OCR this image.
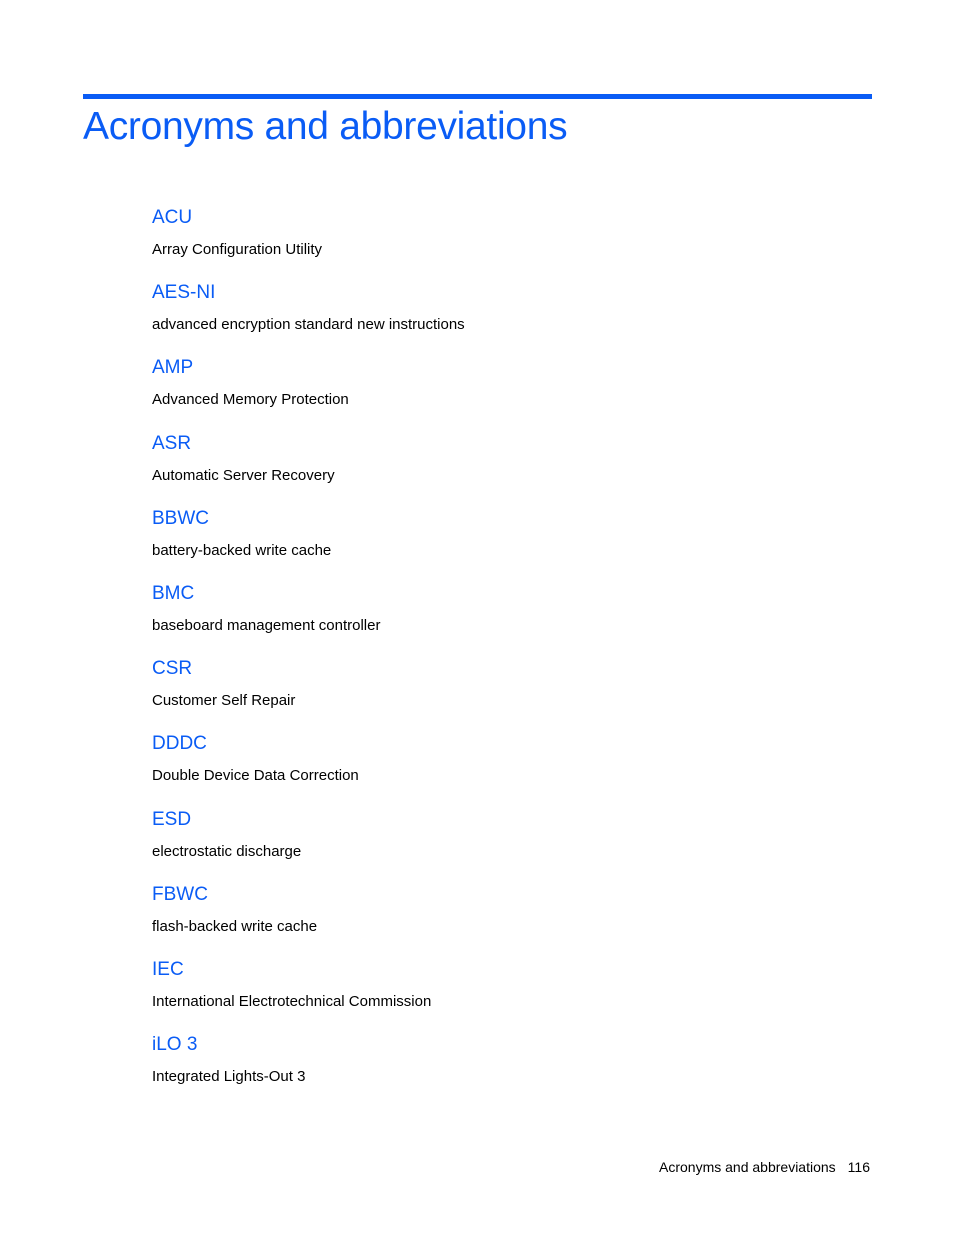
Acronyms and abbreviations
ACU

Array Configuration Utility

AES-NI

advanced encryption standard new instructions

AMP

Advanced Memory Protection

ASR

Automatic Server Recovery

BBWC

battery-backed write cache

BMC

baseboard management controller

CSR

Customer Self Repair

DDDC

Double Device Data Correction

ESD

electrostatic discharge

FBWC

flash-backed write cache

IEC

International Electrotechnical Commission

iLO 3

Integrated Lights-Out 3

Acronyms and abbreviations 116
